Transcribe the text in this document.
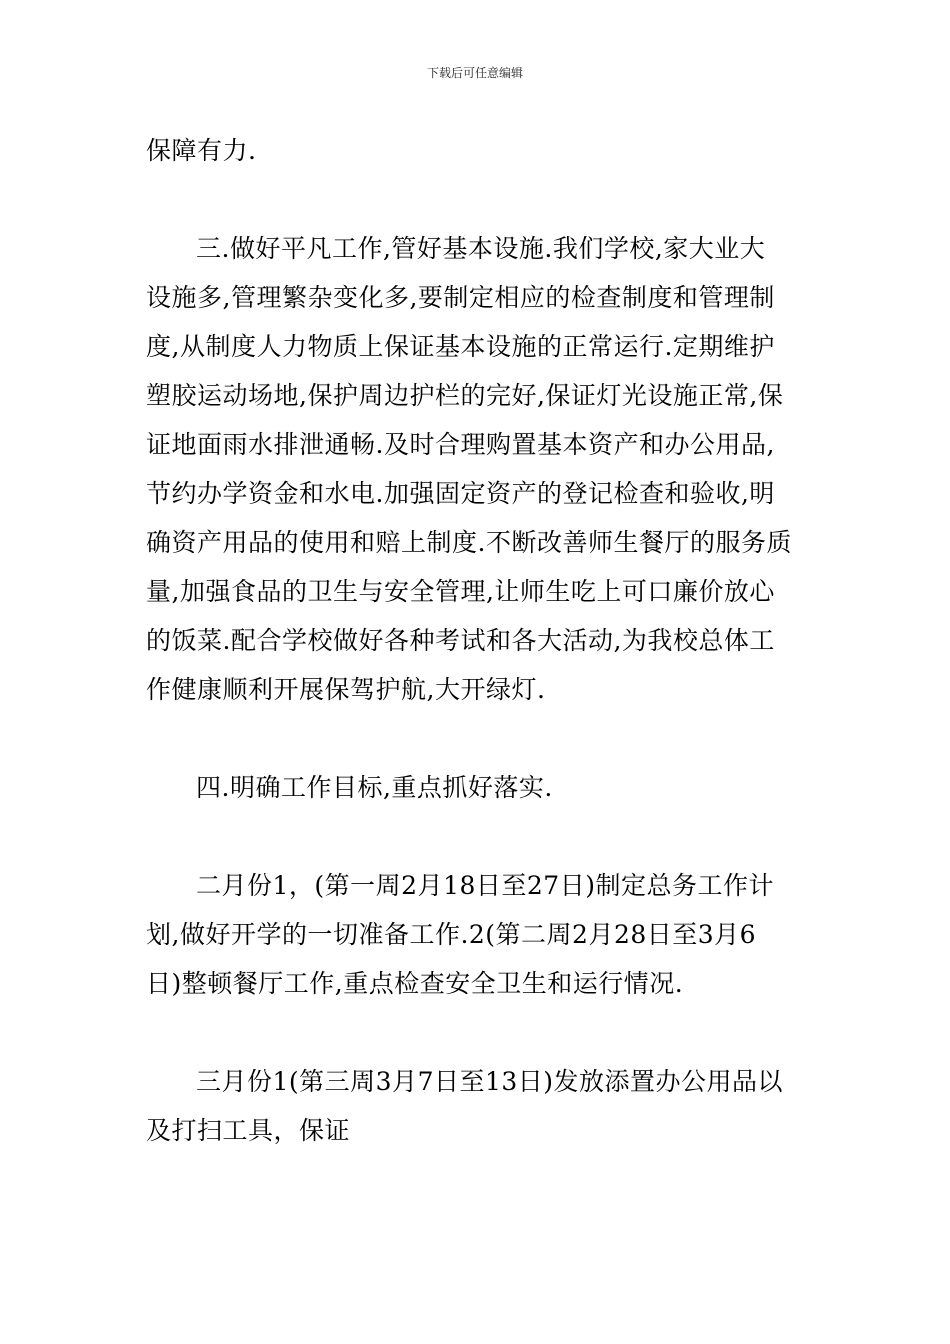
下载后可任意编辑
保障有力.
三.做好平凡工作,管好基本设施.我们学校,家大业大
设施多,管理繁杂变化多,要制定相应的检查制度和管理制
度,从制度人力物质上保证基本设施的正常运行.定期维护
塑胶运动场地,保护周边护栏的完好,保证灯光设施正常,保
证地面雨水排泄通畅.及时合理购置基本资产和办公用品,
节约办学资金和水电.加强固定资产的登记检查和验收,明
确资产用品的使用和赔上制度.不断改善师生餐厅的服务质
量,加强食品的卫生与安全管理,让师生吃上可口廉价放心
的饭菜.配合学校做好各种考试和各大活动,为我校总体工
作健康顺利开展保驾护航,大开绿灯.
四.明确工作目标,重点抓好落实.
二月份1，(第一周2月18日至27日)制定总务工作计
划,做好开学的一切准备工作.2(第二周2月28日至3月6
日)整顿餐厅工作,重点检查安全卫生和运行情况.
三月份1(第三周3月7日至13日)发放添置办公用品以
及打扫工具，保证
